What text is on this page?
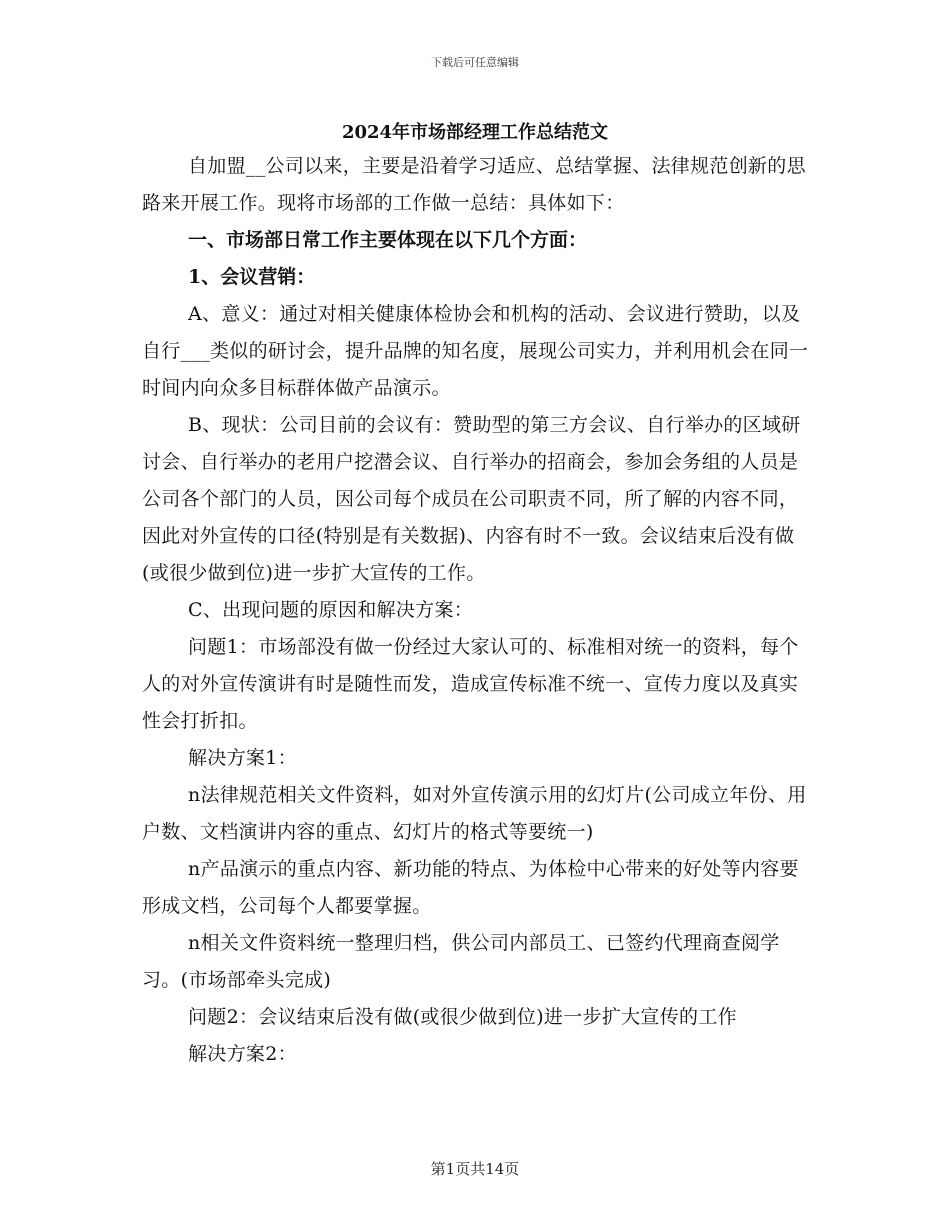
下载后可任意编辑
2024年市场部经理工作总结范文

自加盟__公司以来，主要是沿着学习适应、总结掌握、法律规范创新的思路来开展工作。现将市场部的工作做一总结：具体如下：

一、市场部日常工作主要体现在以下几个方面：

1、会议营销：

A、意义：通过对相关健康体检协会和机构的活动、会议进行赞助，以及自行___类似的研讨会，提升品牌的知名度，展现公司实力，并利用机会在同一时间内向众多目标群体做产品演示。

B、现状：公司目前的会议有：赞助型的第三方会议、自行举办的区域研讨会、自行举办的老用户挖潜会议、自行举办的招商会，参加会务组的人员是公司各个部门的人员，因公司每个成员在公司职责不同，所了解的内容不同，因此对外宣传的口径(特别是有关数据)、内容有时不一致。会议结束后没有做(或很少做到位)进一步扩大宣传的工作。

C、出现问题的原因和解决方案：

问题1：市场部没有做一份经过大家认可的、标准相对统一的资料，每个人的对外宣传演讲有时是随性而发，造成宣传标准不统一、宣传力度以及真实性会打折扣。

解决方案1：

n法律规范相关文件资料，如对外宣传演示用的幻灯片(公司成立年份、用户数、文档演讲内容的重点、幻灯片的格式等要统一)

n产品演示的重点内容、新功能的特点、为体检中心带来的好处等内容要形成文档，公司每个人都要掌握。

n相关文件资料统一整理归档，供公司内部员工、已签约代理商查阅学习。(市场部牵头完成)

问题2：会议结束后没有做(或很少做到位)进一步扩大宣传的工作

解决方案2：

第1页共14页
